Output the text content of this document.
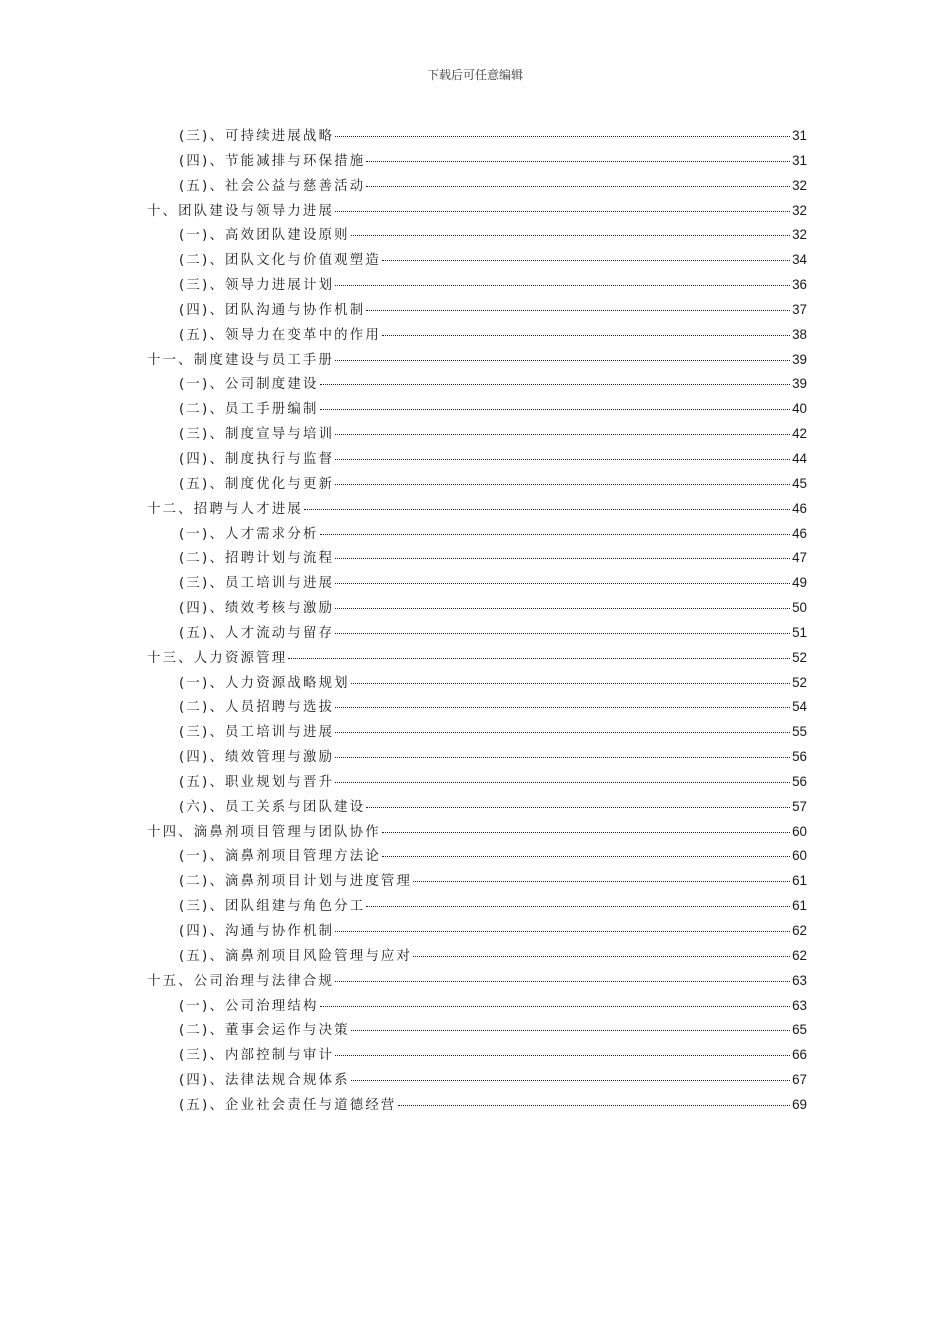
下载后可任意编辑
(三)、可持续进展战略	31
(四)、节能减排与环保措施	31
(五)、社会公益与慈善活动	32
十、团队建设与领导力进展	32
(一)、高效团队建设原则	32
(二)、团队文化与价值观塑造	34
(三)、领导力进展计划	36
(四)、团队沟通与协作机制	37
(五)、领导力在变革中的作用	38
十一、制度建设与员工手册	39
(一)、公司制度建设	39
(二)、员工手册编制	40
(三)、制度宣导与培训	42
(四)、制度执行与监督	44
(五)、制度优化与更新	45
十二、招聘与人才进展	46
(一)、人才需求分析	46
(二)、招聘计划与流程	47
(三)、员工培训与进展	49
(四)、绩效考核与激励	50
(五)、人才流动与留存	51
十三、人力资源管理	52
(一)、人力资源战略规划	52
(二)、人员招聘与选拔	54
(三)、员工培训与进展	55
(四)、绩效管理与激励	56
(五)、职业规划与晋升	56
(六)、员工关系与团队建设	57
十四、滴鼻剂项目管理与团队协作	60
(一)、滴鼻剂项目管理方法论	60
(二)、滴鼻剂项目计划与进度管理	61
(三)、团队组建与角色分工	61
(四)、沟通与协作机制	62
(五)、滴鼻剂项目风险管理与应对	62
十五、公司治理与法律合规	63
(一)、公司治理结构	63
(二)、董事会运作与决策	65
(三)、内部控制与审计	66
(四)、法律法规合规体系	67
(五)、企业社会责任与道德经营	69
